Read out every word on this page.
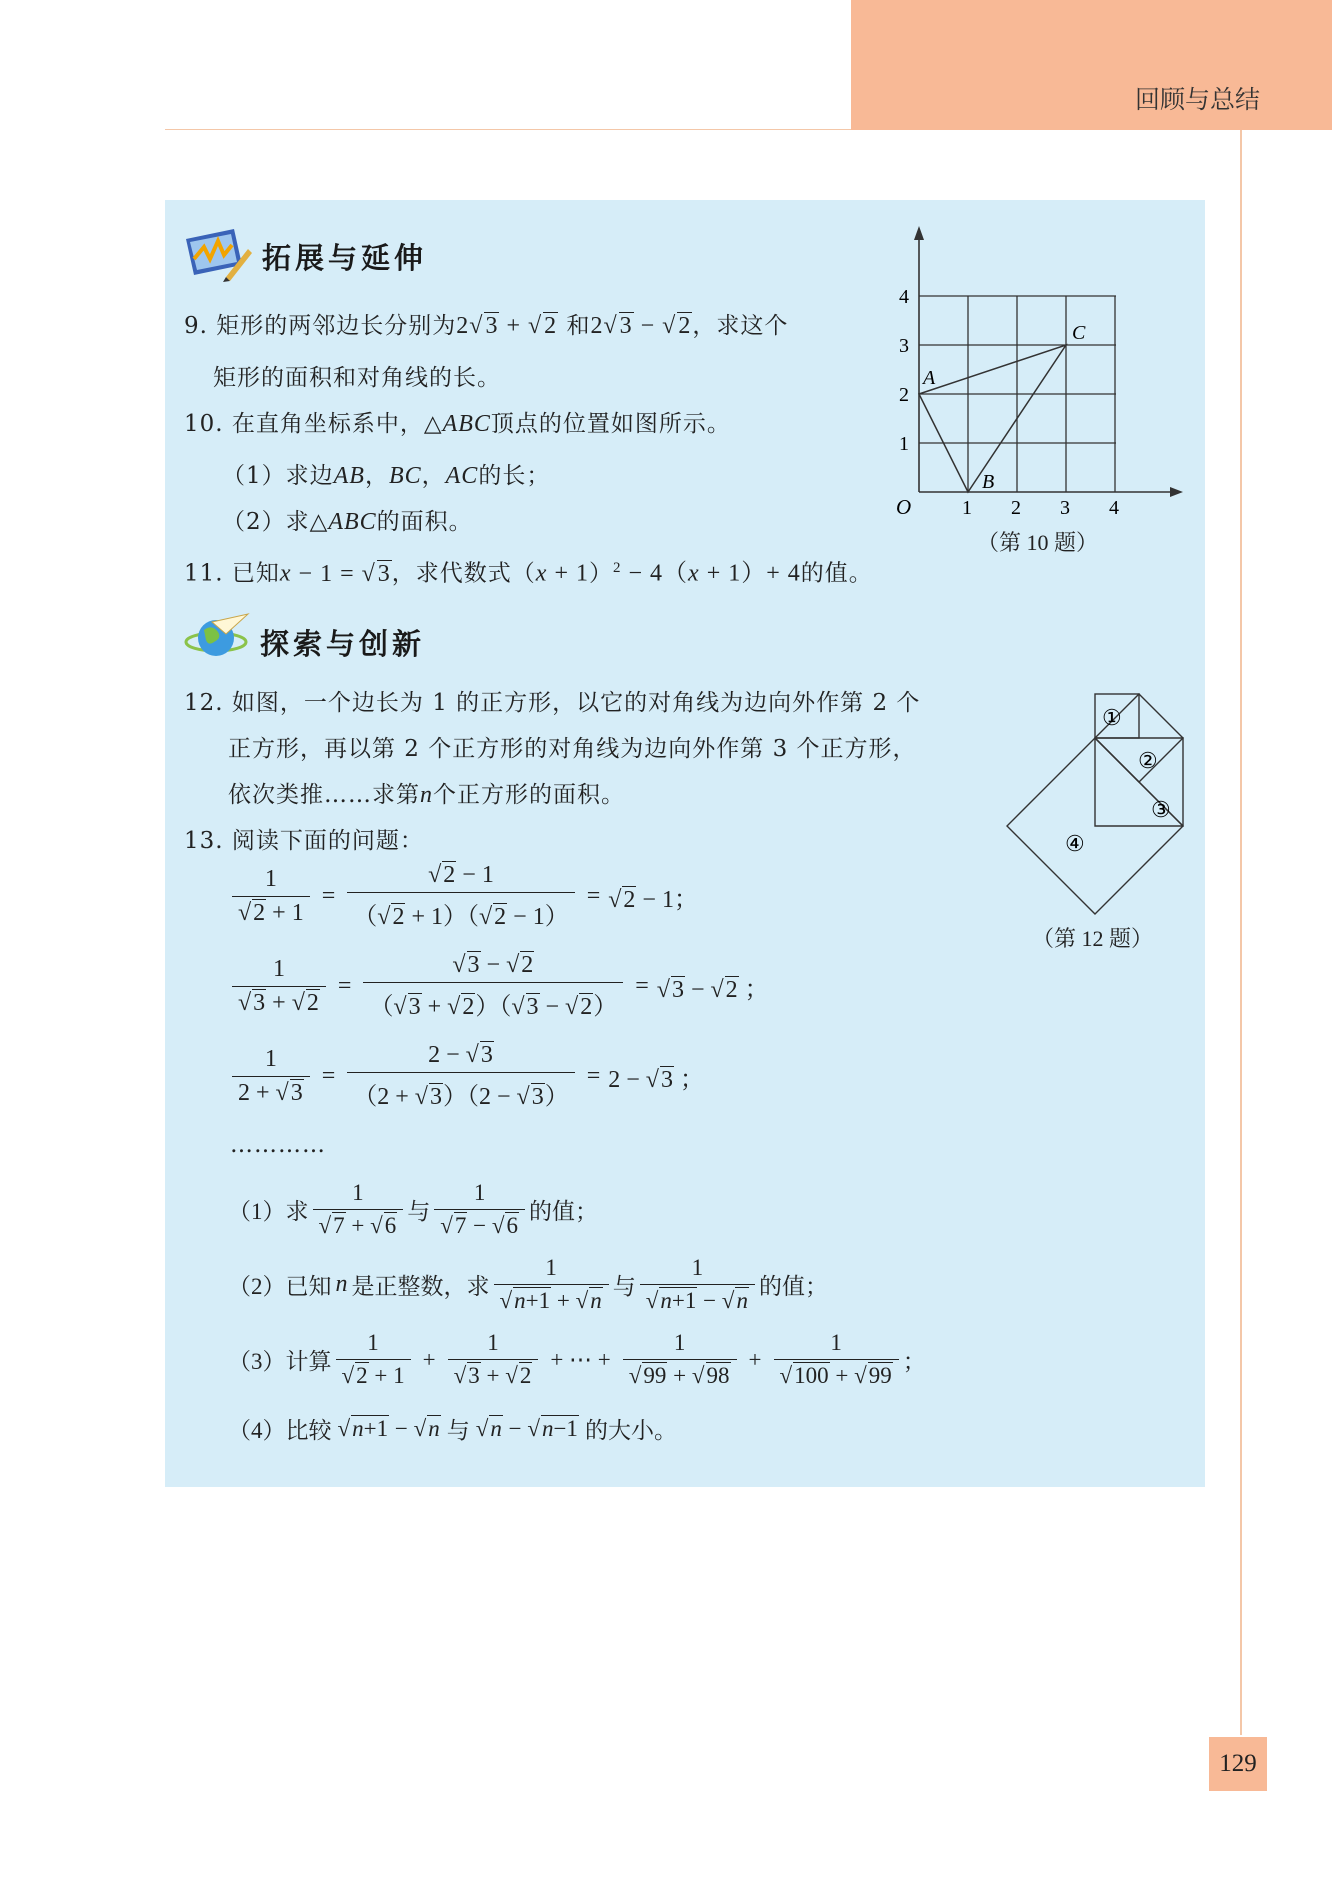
回顾与总结
拓展与延伸
9. 矩形的两邻边长分别为2√3 + √2 和2√3 − √2，求这个
矩形的面积和对角线的长。
10. 在直角坐标系中，△ABC顶点的位置如图所示。
（1）求边AB，BC，AC的长；
（2）求△ABC的面积。
11. 已知x − 1 = √3，求代数式$(x + 1)^2 - 4(x + 1)+ 4$的值。
1 2 3 4
1
2
3
4
A
B
C
O
（第 10 题）
探索与创新
12. 如图，一个边长为 1 的正方形，以它的对角线为边向外作第 2 个
正方形，再以第 2 个正方形的对角线为边向外作第 3 个正方形，
依次类推……求第n个正方形的面积。
①
②
③
④
（第 12 题）
13. 阅读下面的问题：
$\frac{1}{√2 + 1} = \frac{√2 - 1}{(√2 + 1)(√2 - 1)} = √2 - 1$；
$\frac{1}{√3 + √2} = \frac{√3 - √2}{(√3 + √2)(√3 - √2)} = √3 - √2$ ；
$\frac{1}{2 + √3} = \frac{2 - √3}{(2 + √3)(2 - √3)} = 2 - √3$ ；
…………
（1）求 $\frac{1}{√7 + √6}$ 与 $\frac{1}{√7 - √6}$ 的值；
（2）已知 n 是正整数，求 $\frac{1}{√n+1 + √n}$ 与 $\frac{1}{√n+1 - √n}$ 的值；
（3）计算 $\frac{1}{√2 + 1} + \frac{1}{√3 + √2}$ + ⋯ + $\frac{1}{√99 + √98} + \frac{1}{√100 + √99}$ ；
（4）比较 √n+1 − √n 与 √n − √n−1 的大小。
129
